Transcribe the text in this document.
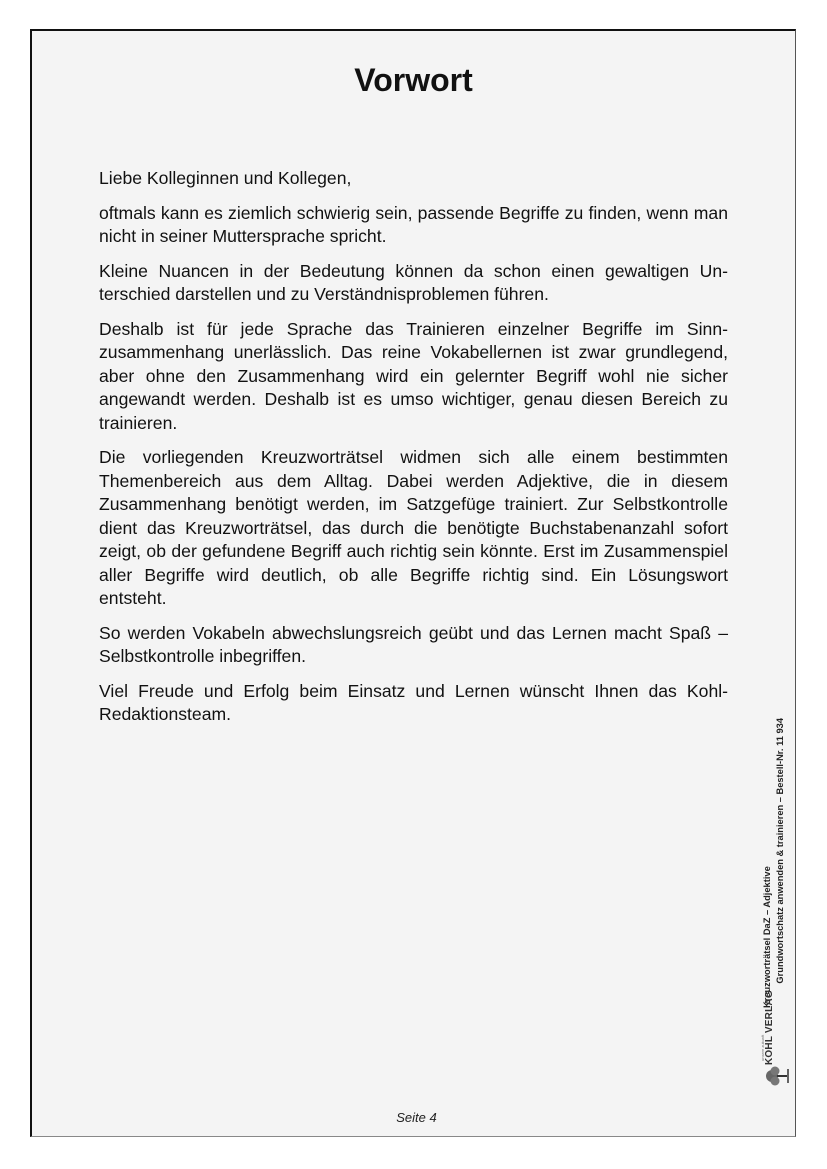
Vorwort

Liebe Kolleginnen und Kollegen,

oftmals kann es ziemlich schwierig sein, passende Begriffe zu finden, wenn man nicht in seiner Muttersprache spricht.

Kleine Nuancen in der Bedeutung können da schon einen gewaltigen Unterschied darstellen und zu Verständnisproblemen führen.

Deshalb ist für jede Sprache das Trainieren einzelner Begriffe im Sinnzusammenhang unerlässlich. Das reine Vokabellernen ist zwar grundlegend, aber ohne den Zusammenhang wird ein gelernter Begriff wohl nie sicher angewandt werden. Deshalb ist es umso wichtiger, genau diesen Bereich zu trainieren.

Die vorliegenden Kreuzworträtsel widmen sich alle einem bestimmten Themenbereich aus dem Alltag. Dabei werden Adjektive, die in diesem Zusammenhang benötigt werden, im Satzgefüge trainiert. Zur Selbstkontrolle dient das Kreuzworträtsel, das durch die benötigte Buchstabenanzahl sofort zeigt, ob der gefundene Begriff auch richtig sein könnte. Erst im Zusammenspiel aller Begriffe wird deutlich, ob alle Begriffe richtig sind. Ein Lösungswort entsteht.

So werden Vokabeln abwechslungsreich geübt und das Lernen macht Spaß – Selbstkontrolle inbegriffen.

Viel Freude und Erfolg beim Einsatz und Lernen wünscht Ihnen das Kohl-Redaktionsteam.

Kreuzworträtsel DaZ – Adjektive Grundwortschatz anwenden & trainieren – Bestell-Nr. 11 934
unsere zukunft KOHL VERLAG
Seite 4
